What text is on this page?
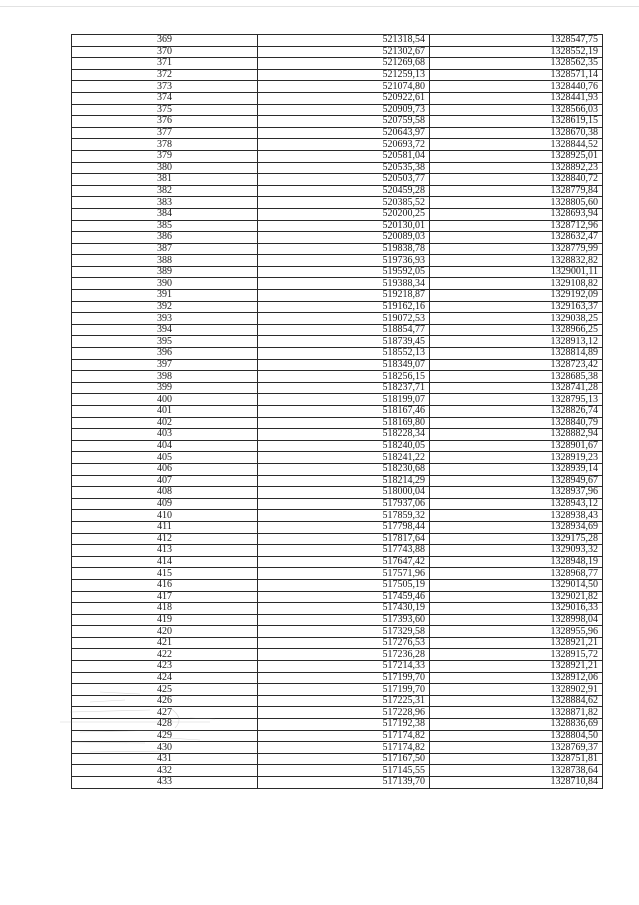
369	521318,54	1328547,75
370	521302,67	1328552,19
371	521269,68	1328562,35
372	521259,13	1328571,14
373	521074,80	1328440,76
374	520922,61	1328441,93
375	520909,73	1328566,03
376	520759,58	1328619,15
377	520643,97	1328670,38
378	520693,72	1328844,52
379	520581,04	1328925,01
380	520535,38	1328892,23
381	520503,77	1328840,72
382	520459,28	1328779,84
383	520385,52	1328805,60
384	520200,25	1328693,94
385	520130,01	1328712,96
386	520089,03	1328632,47
387	519838,78	1328779,99
388	519736,93	1328832,82
389	519592,05	1329001,11
390	519388,34	1329108,82
391	519218,87	1329192,09
392	519162,16	1329163,37
393	519072,53	1329038,25
394	518854,77	1328966,25
395	518739,45	1328913,12
396	518552,13	1328814,89
397	518349,07	1328723,42
398	518256,15	1328685,38
399	518237,71	1328741,28
400	518199,07	1328795,13
401	518167,46	1328826,74
402	518169,80	1328840,79
403	518228,34	1328882,94
404	518240,05	1328901,67
405	518241,22	1328919,23
406	518230,68	1328939,14
407	518214,29	1328949,67
408	518000,04	1328937,96
409	517937,06	1328943,12
410	517859,32	1328938,43
411	517798,44	1328934,69
412	517817,64	1329175,28
413	517743,88	1329093,32
414	517647,42	1328948,19
415	517571,96	1328968,77
416	517505,19	1329014,50
417	517459,46	1329021,82
418	517430,19	1329016,33
419	517393,60	1328998,04
420	517329,58	1328955,96
421	517276,53	1328921,21
422	517236,28	1328915,72
423	517214,33	1328921,21
424	517199,70	1328912,06
425	517199,70	1328902,91
426	517225,31	1328884,62
427	517228,96	1328871,82
428	517192,38	1328836,69
429	517174,82	1328804,50
430	517174,82	1328769,37
431	517167,50	1328751,81
432	517145,55	1328738,64
433	517139,70	1328710,84
